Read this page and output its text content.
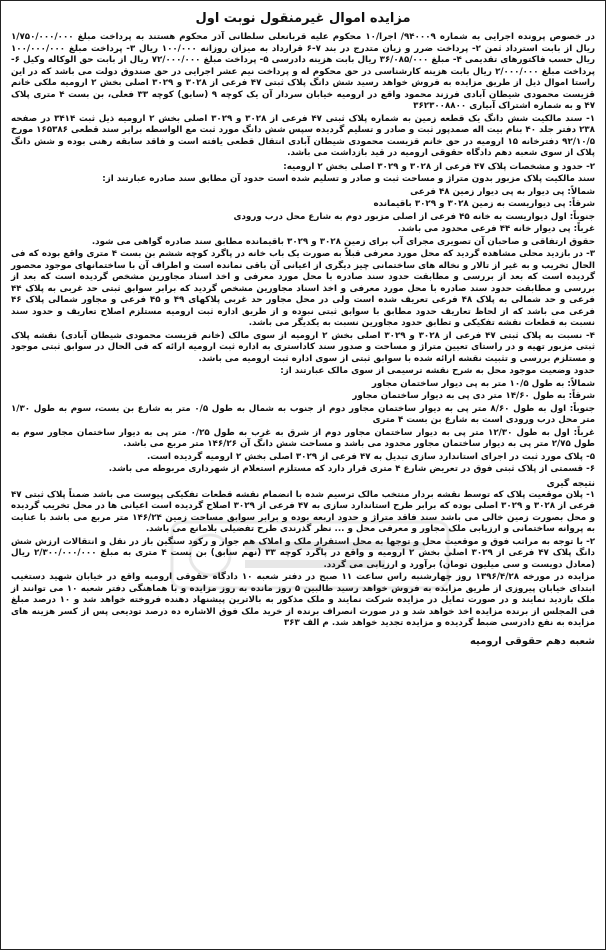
مزایده اموال غیرمنقول نوبت اول

در خصوص پرونده اجرایی به شماره ۹۴۰۰۰۹/ اجرا/۱۰ محکوم علیه قربانعلی سلطانی آذر محکوم هستند به پرداخت مبلغ ۱/۷۵۰/۰۰۰/۰۰۰ ریال از بابت استرداد ثمن ۲- پرداخت ضرر و زیان متدرج در بند ۷-۶ قرارداد به میزان روزانه ۱۰۰/۰۰۰ ریال ۳- پرداخت مبلغ ۱۰۰/۰۰۰/۰۰۰ ریال حسب فاکتورهای تقدیمی ۴- مبلغ ۳۶/۰۸۵/۰۰۰ ریال بابت هزینه دادرسی ۵- پرداخت مبلغ ۷۲/۰۰۰/۰۰۰ ریال از بابت حق الوکاله وکیل ۶- پرداخت مبلغ ۲/۰۰۰/۰۰۰ ریال بابت هزینه کارشناسی در حق محکوم له و پرداخت نیم عشر اجرایی در حق صندوق دولت می باشد که در این راستا اموال ذیل از طریق مزایده به فروش خواهد رسید شش دانگ پلاک ثبتی ۴۷ فرعی از ۳۰۲۸ و ۳۰۲۹ اصلی بخش ۲ ارومیه ملکی خانم قزیست محمودی شیطان آبادی فرزند محمود واقع در ارومیه خیابان سردار آن یک کوچه ۹ (سابق) کوچه ۳۳ فعلی، بن بست ۴ متری پلاک ۴۷ و به شماره اشتراک آبیاری ۳۶۲۳۰۰۸۸۰۰

۱- سند مالکیت شش دانگ یک قطعه زمین به شماره پلاک ثبتی ۴۷ فرعی از ۳۰۲۸ و ۳۰۲۹ اصلی بخش ۲ ارومیه ذیل ثبت ۳۴۱۴ در صفحه ۲۳۸ دفتر جلد ۴۰ بنام بیت اله صمدپور ثبت و صادر و تسلیم گردیده سپس شش دانگ مورد ثبت مع الواسطه برابر سند قطعی ۱۶۵۳۸۶ مورخ ۹۲/۱۰/۵ دفترخانه ۱۵ ارومیه در حق خانم قزیست محمودی شیطان آبادی انتقال قطعی یافته است و فاقد سابقه رهنی بوده و شش دانگ پلاک از سوی شعبه دهم دادگاه حقوقی ارومیه در قید بازداشت می باشد.

۲- حدود و مشخصات پلاک ۴۷ فرعی از ۳۰۲۸ و ۳۰۲۹ اصلی بخش ۲ ارومیه:

سند مالکیت پلاک مزبور بدون متراژ و مساحت ثبت و صادر و تسلیم شده است حدود آن مطابق سند صادره عبارتند از:

شمالاً: پی دیوار به پی دیوار زمین ۴۸ فرعی

شرقاً: پی دیواریست به زمین ۳۰۲۸ و ۳۰۲۹ باقیمانده

جنوباً: اول دیواریست به خانه ۴۵ فرعی از اصلی مزبور دوم به شارع محل درب ورودی

غرباً: پی دیوار خانه ۴۴ فرعی محدود می باشد.

حقوق ارتفاقی و صاحبان آن تصویری مجرای آب برای زمین ۳۰۲۸ و ۳۰۲۹ باقیمانده مطابق سند صادره گواهی می شود.

۳- در بازدید محلی مشاهده گردید که محل مورد معرفی قبلاً به صورت یک باب خانه در پاگرد کوچه ششم بن بست ۴ متری واقع بوده که فی الحال تخریب و به غیر از تالار و نخاله های ساختمانی چیز دیگری از اعیانی آن باقی نمانده است و اطراف آن با ساختمانهای موجود محصور گردیده است که بعد از بررسی و مطابقت حدود سند صادره با محل مورد معرفی و اخذ اسناد مجاورین مشخص گردیده است که بعد از بررسی و مطابقت حدود سند صادره با محل مورد معرفی و اخذ اسناد مجاورین مشخص گردید که برابر سوابق ثبتی حد غربی به پلاک ۴۴ فرعی و حد شمالی به پلاک ۴۸ فرعی تعریف شده است ولی در محل مجاور حد غربی پلاکهای ۴۹ و ۴۵ فرعی و مجاور شمالی پلاک ۴۶ فرعی می باشد که از لحاظ تعاریف حدود مطابق با سوابق ثبتی نبوده و از طریق اداره ثبت ارومیه مستلزم اصلاح تعاریف و حدود سند نسبت به قطعات نقشه تفکیکی و تطابق حدود مجاورین نسبت به یکدیگر می باشد.

۴- نسبت به پلاک ثبتی ۴۷ فرعی از ۳۰۲۸ و ۳۰۲۹ اصلی بخش ۲ ارومیه از سوی مالک (خانم قزیست محمودی شیطان آبادی) نقشه پلاک ثبتی مزبور تهیه و در راستای تعیین متراژ و مساحت و صدور سند کاداستری به اداره ثبت ارومیه ارائه که فی الحال در سوابق ثبتی موجود و مستلزم بررسی و تثبیت نقشه ارائه شده با سوابق ثبتی از سوی اداره ثبت ارومیه می باشد.

حدود وضعیت موجود محل به شرح نقشه ترسیمی از سوی مالک عبارتند از:

شمالاً: به طول ۱۰/۵ متر به پی دیوار ساختمان مجاور

شرقاً: به طول ۱۴/۶۰ متر دی پی به دیوار ساختمان مجاور

جنوباً: اول به طول ۸/۶۰ متر پی به دیوار ساختمان مجاور دوم از جنوب به شمال به طول ۰/۵ متر به شارع بن بست، سوم به طول ۱/۳۰ متر محل درب ورودی است به شارع بن بست ۴ متری

غرباً: اول به طول ۱۲/۳۰ متر پی به دیوار ساختمان مجاور دوم از شرق به غرب به طول ۰/۲۵ متر پی به دیوار ساختمان مجاور سوم به طول ۲/۷۵ متر پی به دیوار ساختمان مجاور محدود می باشد و مساحت شش دانگ آن ۱۴۶/۲۶ متر مربع می باشد.

۵- پلاک مورد ثبت در اجرای استاندارد سازی تبدیل به ۴۷ فرعی از ۳۰۲۹ اصلی بخش ۲ ارومیه گردیده است.

۶- قسمتی از پلاک ثبتی فوق در تعریض شارع ۴ متری قرار دارد که مستلزم استعلام از شهرداری مربوطه می باشد.

نتیجه گیری

۱- پلان موقعیت پلاک که توسط نقشه بردار منتخب مالک ترسیم شده با انضمام نقشه قطعات تفکیکی پیوست می باشد ضمناً پلاک ثبتی ۴۷ فرعی از ۳۰۲۸ و ۳۰۲۹ اصلی بوده که برابر طرح استاندارد سازی به ۴۷ فرعی از ۳۰۲۹ اصلاح گردیده است اعیانی ها در محل تخریب گردیده و محل بصورت زمین خالی می باشد سند فاقد متراژ و حدود اربعه بوده و برابر سوابق مساحت زمین ۱۴۶/۲۴ متر مربع می باشد با عنایت به پروانه ساختمانی و ارزیابی ملک مجاور و معرفی محل و ... نظر گذرندی طرح تفضیلی بلامانع می باشد.

۲- با توجه به مراتب فوق و موقعیت محل و توجها به محل استقرار ملک و املاک هم جوار و رکود سنگین باز در نقل و انتقالات ارزش شش دانگ پلاک ۴۷ فرعی از ۳۰۲۹ اصلی بخش ۲ ارومیه و واقع در پاگرد کوچه ۳۳ (نهم سابق) بن بست ۴ متری به مبلغ ۲/۳۰۰/۰۰۰/۰۰۰ ریال (معادل دویست و سی میلیون تومان) برآورد و ارزیابی می گردد.

مزایده در مورخه ۱۳۹۶/۴/۲۸ روز چهارشنبه راس ساعت ۱۱ صبح در دفتر شعبه ۱۰ دادگاه حقوقی ارومیه واقع در خیابان شهید دستغیب ابتدای خیابان پیروزی از طریق مزایده به فروش خواهد رسید طالبین ۵ روز مانده به روز مزایده و با هماهنگی دفتر شعبه ۱۰ می توانند از ملک بازدید نمایند و در صورت تمایل در مزایده شرکت نمایند و ملک مذکور به بالاترین پیشنهاد دهنده فروخته خواهد شد و ۱۰ درصد مبلغ فی المجلس از برنده مزایده اخذ خواهد شد و در صورت انصراف برنده از خرید ملک فوق الاشاره ده درصد تودیعی پس از کسر هزینه های مزایده به نفع دادرسی ضبط گردیده و مزایده تجدید خواهد شد. م الف ۳۶۳

شعبه دهم حقوقی ارومیه
